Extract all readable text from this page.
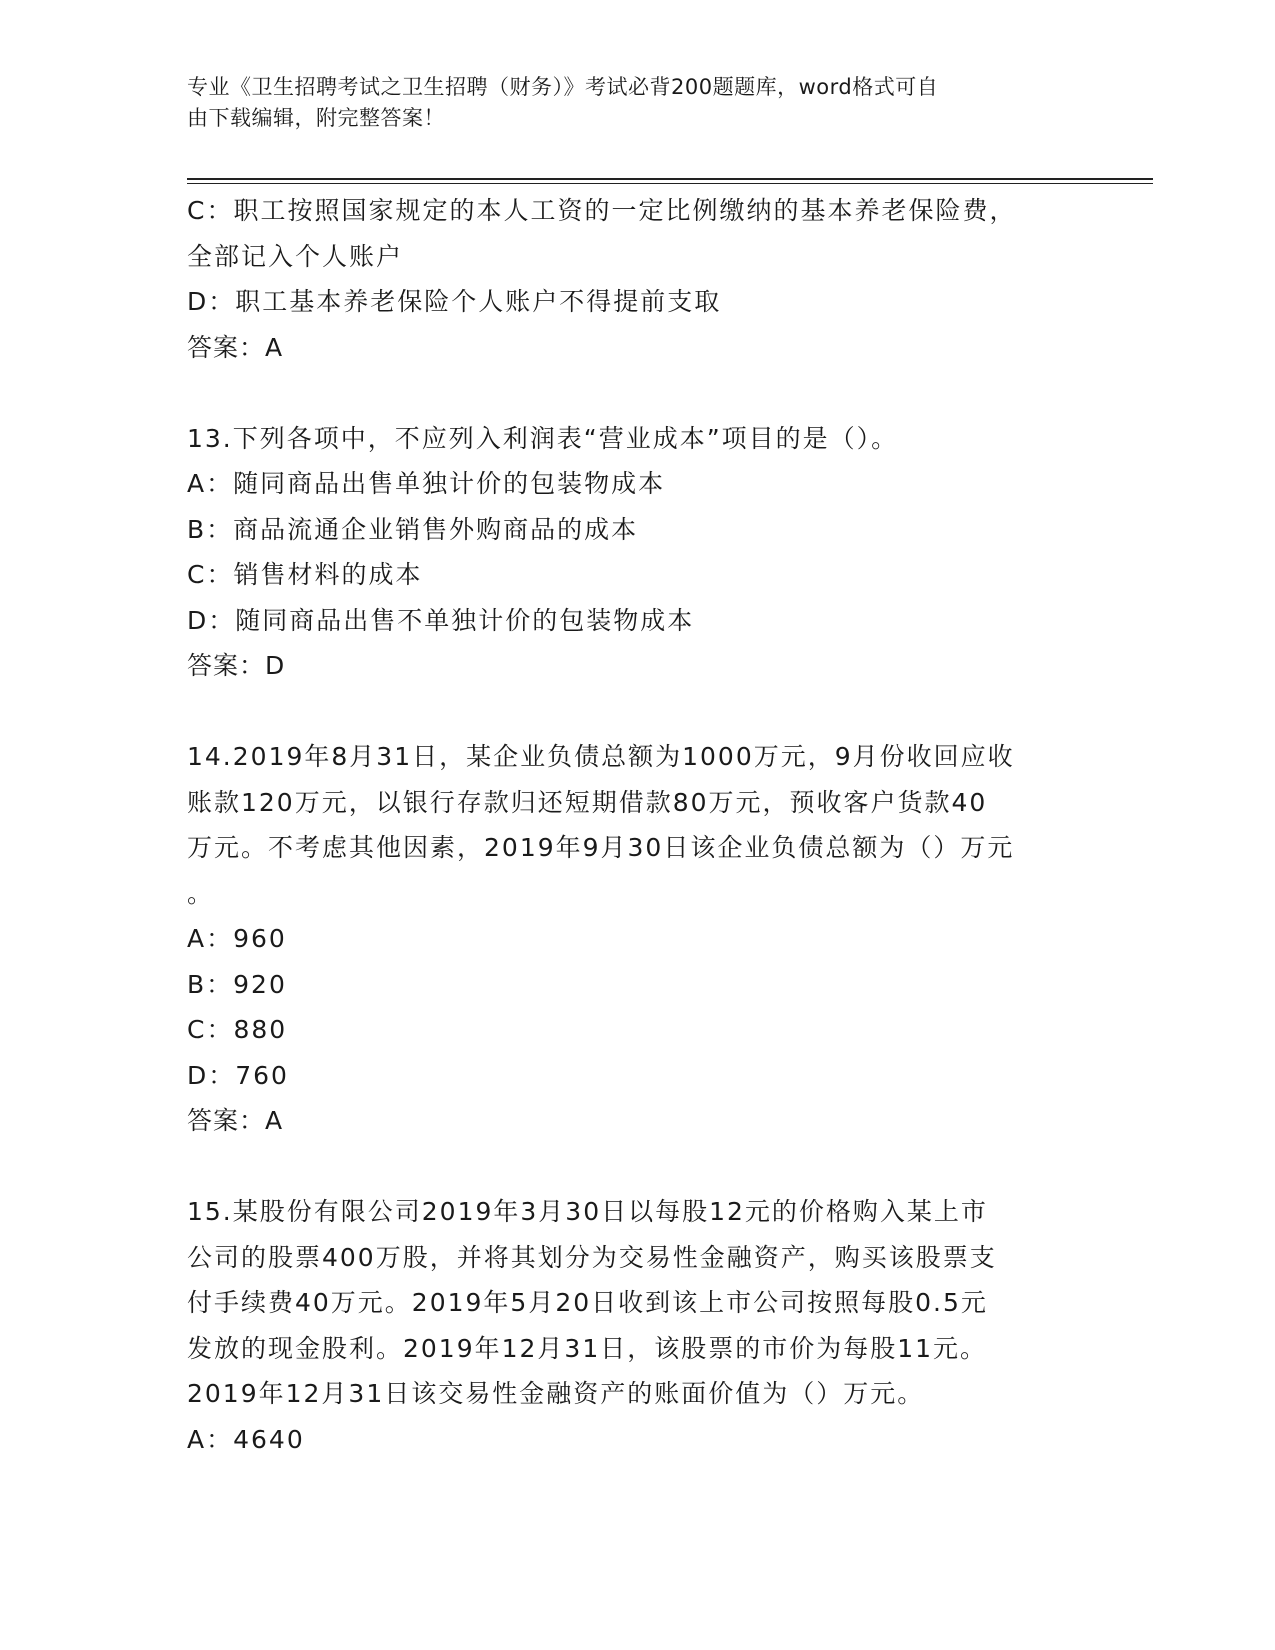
专业《卫生招聘考试之卫生招聘（财务）》考试必背200题题库，word格式可自
由下载编辑，附完整答案！
C：职工按照国家规定的本人工资的一定比例缴纳的基本养老保险费，
全部记入个人账户
D：职工基本养老保险个人账户不得提前支取
答案：A
13.下列各项中，不应列入利润表“营业成本”项目的是（）。
A：随同商品出售单独计价的包装物成本
B：商品流通企业销售外购商品的成本
C：销售材料的成本
D：随同商品出售不单独计价的包装物成本
答案：D
14.2019年8月31日，某企业负债总额为1000万元，9月份收回应收
账款120万元，以银行存款归还短期借款80万元，预收客户货款40
万元。不考虑其他因素，2019年9月30日该企业负债总额为（）万元
。
A：960
B：920
C：880
D：760
答案：A
15.某股份有限公司2019年3月30日以每股12元的价格购入某上市
公司的股票400万股，并将其划分为交易性金融资产，购买该股票支
付手续费40万元。2019年5月20日收到该上市公司按照每股0.5元
发放的现金股利。2019年12月31日，该股票的市价为每股11元。
2019年12月31日该交易性金融资产的账面价值为（）万元。
A：4640
